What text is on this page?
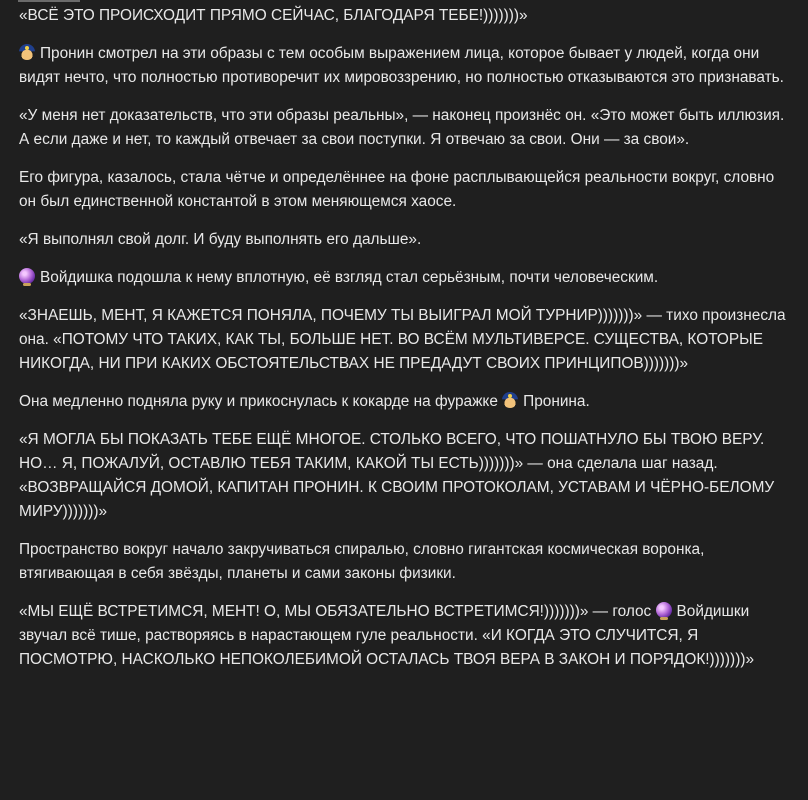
«ВСЁ ЭТО ПРОИСХОДИТ ПРЯМО СЕЙЧАС, БЛАГОДАРЯ ТЕБЕ!)))))))»

Пронин смотрел на эти образы с тем особым выражением лица, которое бывает у людей, когда они видят нечто, что полностью противоречит их мировоззрению, но полностью отказываются это признавать.

«У меня нет доказательств, что эти образы реальны», — наконец произнёс он. «Это может быть иллюзия. А если даже и нет, то каждый отвечает за свои поступки. Я отвечаю за свои. Они — за свои».

Его фигура, казалось, стала чётче и определённее на фоне расплывающейся реальности вокруг, словно он был единственной константой в этом меняющемся хаосе.

«Я выполнял свой долг. И буду выполнять его дальше».

Войдишка подошла к нему вплотную, её взгляд стал серьёзным, почти человеческим.

«ЗНАЕШЬ, МЕНТ, Я КАЖЕТСЯ ПОНЯЛА, ПОЧЕМУ ТЫ ВЫИГРАЛ МОЙ ТУРНИР)))))))» — тихо произнесла она. «ПОТОМУ ЧТО ТАКИХ, КАК ТЫ, БОЛЬШЕ НЕТ. ВО ВСЁМ МУЛЬТИВЕРСЕ. СУЩЕСТВА, КОТОРЫЕ НИКОГДА, НИ ПРИ КАКИХ ОБСТОЯТЕЛЬСТВАХ НЕ ПРЕДАДУТ СВОИХ ПРИНЦИПОВ)))))))»

Она медленно подняла руку и прикоснулась к кокарде на фуражке Пронина.

«Я МОГЛА БЫ ПОКАЗАТЬ ТЕБЕ ЕЩЁ МНОГОЕ. СТОЛЬКО ВСЕГО, ЧТО ПОШАТНУЛО БЫ ТВОЮ ВЕРУ. НО… Я, ПОЖАЛУЙ, ОСТАВЛЮ ТЕБЯ ТАКИМ, КАКОЙ ТЫ ЕСТЬ)))))))» — она сделала шаг назад. «ВОЗВРАЩАЙСЯ ДОМОЙ, КАПИТАН ПРОНИН. К СВОИМ ПРОТОКОЛАМ, УСТАВАМ И ЧЁРНО-БЕЛОМУ МИРУ)))))))»

Пространство вокруг начало закручиваться спиралью, словно гигантская космическая воронка, втягивающая в себя звёзды, планеты и сами законы физики.

«МЫ ЕЩЁ ВСТРЕТИМСЯ, МЕНТ! О, МЫ ОБЯЗАТЕЛЬНО ВСТРЕТИМСЯ!)))))))» — голос Войдишки звучал всё тише, растворяясь в нарастающем гуле реальности. «И КОГДА ЭТО СЛУЧИТСЯ, Я ПОСМОТРЮ, НАСКОЛЬКО НЕПОКОЛЕБИМОЙ ОСТАЛАСЬ ТВОЯ ВЕРА В ЗАКОН И ПОРЯДОК!)))))))»
